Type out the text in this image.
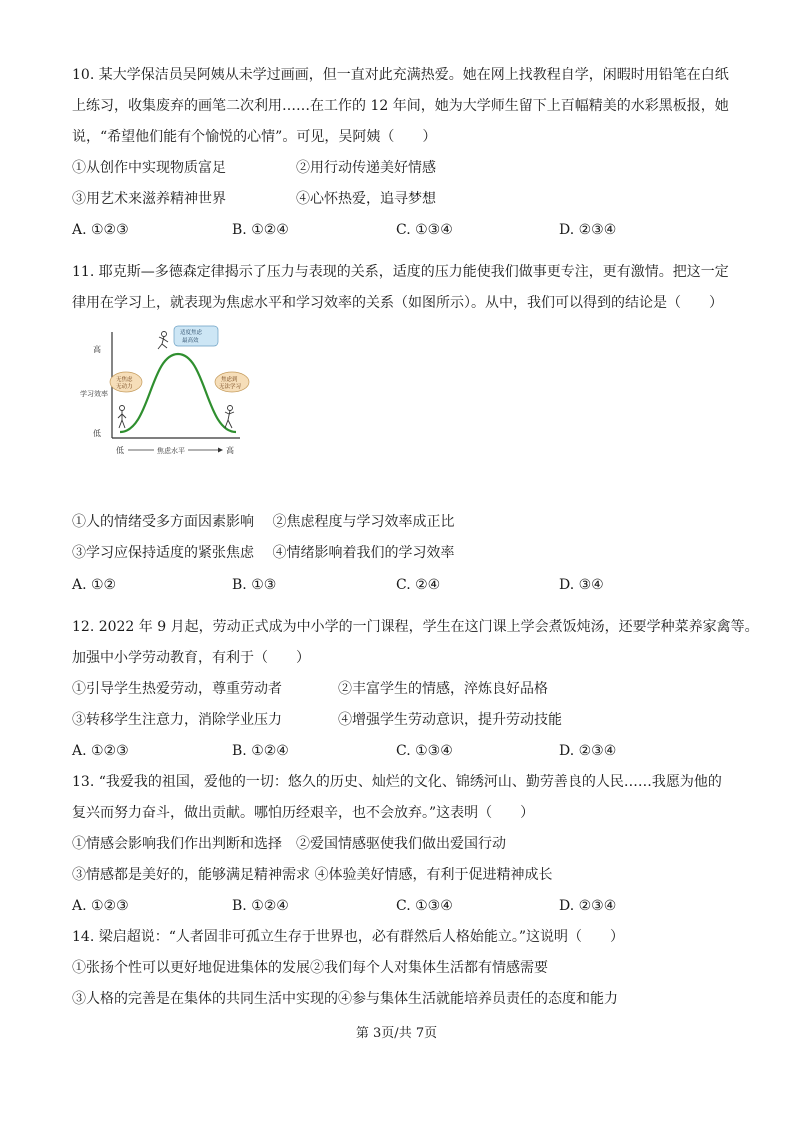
10. 某大学保洁员吴阿姨从未学过画画，但一直对此充满热爱。她在网上找教程自学，闲暇时用铅笔在白纸
上练习，收集废弃的画笔二次利用……在工作的 12 年间，她为大学师生留下上百幅精美的水彩黑板报，她
说，“希望他们能有个愉悦的心情”。可见，吴阿姨（　　）
①从创作中实现物质富足	②用行动传递美好情感
③用艺术来滋养精神世界	④心怀热爱，追寻梦想
A. ①②③	B. ①②④	C. ①③④	D. ②③④
11. 耶克斯—多德森定律揭示了压力与表现的关系，适度的压力能使我们做事更专注，更有激情。把这一定
律用在学习上，就表现为焦虑水平和学习效率的关系（如图所示）。从中，我们可以得到的结论是（　　）
高
低
学习效率
低	焦虑水平	高
适度焦虑
最高效
无焦虑
无动力
焦虑到
无法学习
①人的情绪受多方面因素影响　 ②焦虑程度与学习效率成正比
③学习应保持适度的紧张焦虑　 ④情绪影响着我们的学习效率
A. ①②	B. ①③	C. ②④	D. ③④
12. 2022 年 9 月起，劳动正式成为中小学的一门课程，学生在这门课上学会煮饭炖汤，还要学种菜养家禽等。
加强中小学劳动教育，有利于（　　）
①引导学生热爱劳动，尊重劳动者	②丰富学生的情感，淬炼良好品格
③转移学生注意力，消除学业压力	④增强学生劳动意识，提升劳动技能
A. ①②③	B. ①②④	C. ①③④	D. ②③④
13. “我爱我的祖国，爱他的一切：悠久的历史、灿烂的文化、锦绣河山、勤劳善良的人民……我愿为他的
复兴而努力奋斗，做出贡献。哪怕历经艰辛，也不会放弃。”这表明（　　）
①情感会影响我们作出判断和选择　②爱国情感驱使我们做出爱国行动
③情感都是美好的，能够满足精神需求 ④体验美好情感，有利于促进精神成长
A. ①②③	B. ①②④	C. ①③④	D. ②③④
14. 梁启超说：“人者固非可孤立生存于世界也，必有群然后人格始能立。”这说明（　　）
①张扬个性可以更好地促进集体的发展②我们每个人对集体生活都有情感需要
③人格的完善是在集体的共同生活中实现的④参与集体生活就能培养员责任的态度和能力
第 3页/共 7页
